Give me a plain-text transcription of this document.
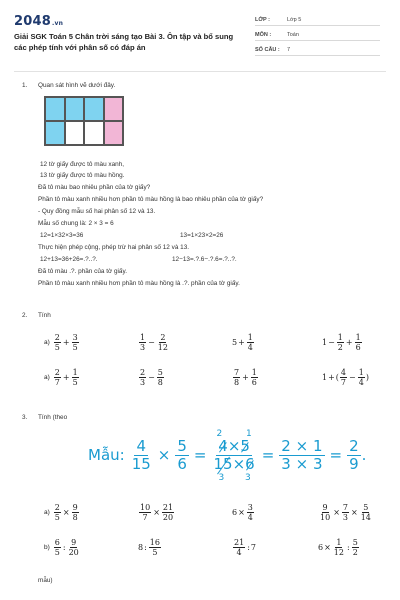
2048.vn
Giải SGK Toán 5 Chân trời sáng tạo Bài 3. Ôn tập và bổ sung các phép tính với phân số có đáp án
LỚP :	Lớp 5
MÔN :	Toán
SỐ CÂU : 7
1. Quan sát hình vẽ dưới đây.
12 tờ giấy được tô màu xanh,
13 tờ giấy được tô màu hồng.
Đã tô màu bao nhiêu phần của tờ giấy?
Phần tô màu xanh nhiều hơn phần tô màu hồng là bao nhiêu phần của tờ giấy?
- Quy đồng mẫu số hai phân số 12 và 13.
Mẫu số chung là: 2 × 3 = 6
12=1×32×3=36	13=1×23×2=26
Thực hiện phép cộng, phép trừ hai phân số 12 và 13.
12+13=36+26=.?..?.	12−13=.?.6−.?.6=.?..?.
Đã tô màu .?. phần của tờ giấy.
Phần tô màu xanh nhiều hơn phần tô màu hồng là .?. phần của tờ giấy.
2. Tính
$a) \frac{2}{5} + \frac{3}{5}$	$\frac{1}{3} - \frac{2}{12}$	$5 + \frac{1}{4}$	$1 - \frac{1}{2} + \frac{1}{6}$
$a) \frac{2}{7} + \frac{1}{5}$	$\frac{2}{3} - \frac{5}{8}$	$\frac{7}{8} + \frac{1}{6}$	1 + ( $\frac{4}{7} - \frac{1}{4}$ )
3. Tính (theo
Mẫu: $\frac{4}{15} \times \frac{5}{6}$ =
4×5
15×6
2	1
3 3
= $\frac{2 \times 1}{3 \times 3} = \frac{2}{9}$ .
$a) \frac{2}{5} \times \frac{9}{8}$	$\frac{10}{7} \times \frac{21}{20}$	$6 \times \frac{3}{4}$	$\frac{9}{10} \times \frac{7}{3} \times \frac{5}{14}$
$b) \frac{6}{5}$ : $\frac{9}{20}$	8 : $\frac{16}{5}$	$\frac{21}{4}$ : 7	$6 \times \frac{1}{12}$ : $\frac{5}{2}$
mẫu)
